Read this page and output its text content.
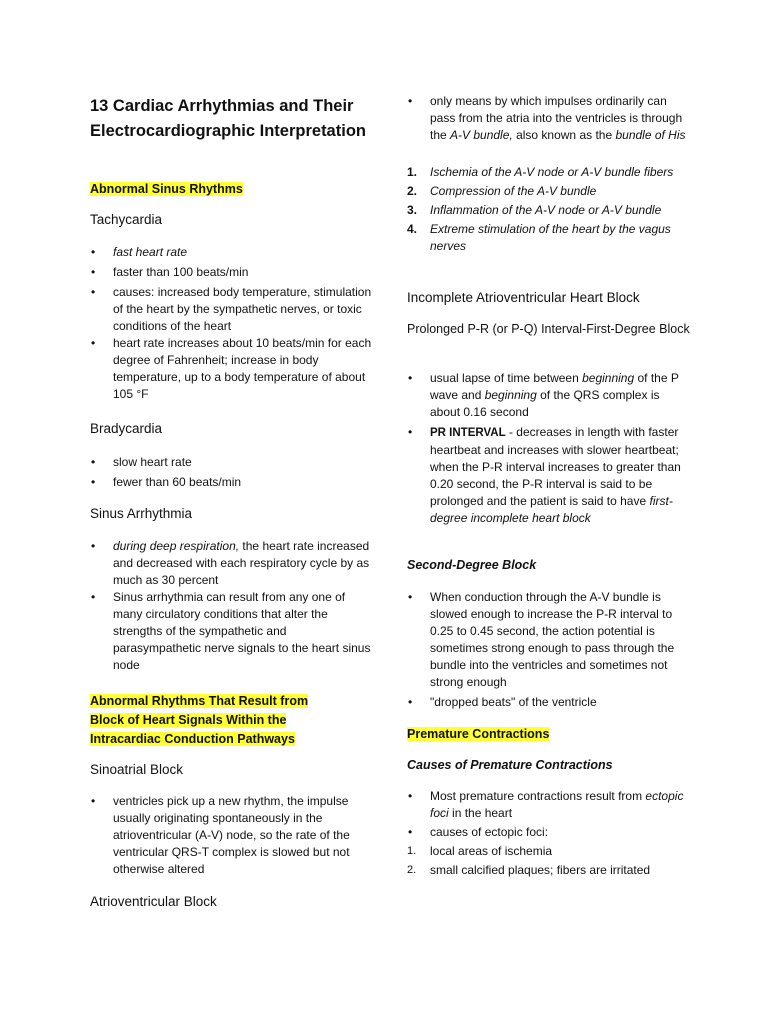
13 Cardiac Arrhythmias and Their Electrocardiographic Interpretation
Abnormal Sinus Rhythms
Tachycardia
• fast heart rate
• faster than 100 beats/min
• causes: increased body temperature, stimulation of the heart by the sympathetic nerves, or toxic conditions of the heart
• heart rate increases about 10 beats/min for each degree of Fahrenheit; increase in body temperature, up to a body temperature of about 105 °F
Bradycardia
• slow heart rate
• fewer than 60 beats/min
Sinus Arrhythmia
• during deep respiration, the heart rate increased and decreased with each respiratory cycle by as much as 30 percent
• Sinus arrhythmia can result from any one of many circulatory conditions that alter the strengths of the sympathetic and parasympathetic nerve signals to the heart sinus node
Abnormal Rhythms That Result from
Block of Heart Signals Within the
Intracardiac Conduction Pathways
Sinoatrial Block
• ventricles pick up a new rhythm, the impulse usually originating spontaneously in the atrioventricular (A-V) node, so the rate of the ventricular QRS-T complex is slowed but not otherwise altered
Atrioventricular Block
• only means by which impulses ordinarily can pass from the atria into the ventricles is through the A-V bundle, also known as the bundle of His
1. Ischemia of the A-V node or A-V bundle fibers
2. Compression of the A-V bundle
3. Inflammation of the A-V node or A-V bundle
4. Extreme stimulation of the heart by the vagus nerves
Incomplete Atrioventricular Heart Block
Prolonged P-R (or P-Q) Interval-First-Degree Block
• usual lapse of time between beginning of the P wave and beginning of the QRS complex is about 0.16 second
• PR INTERVAL - decreases in length with faster heartbeat and increases with slower heartbeat; when the P-R interval increases to greater than 0.20 second, the P-R interval is said to be prolonged and the patient is said to have first-degree incomplete heart block
Second-Degree Block
• When conduction through the A-V bundle is slowed enough to increase the P-R interval to 0.25 to 0.45 second, the action potential is sometimes strong enough to pass through the bundle into the ventricles and sometimes not strong enough
• "dropped beats" of the ventricle
Premature Contractions
Causes of Premature Contractions
• Most premature contractions result from ectopic foci in the heart
• causes of ectopic foci:
1. local areas of ischemia
2. small calcified plaques; fibers are irritated
